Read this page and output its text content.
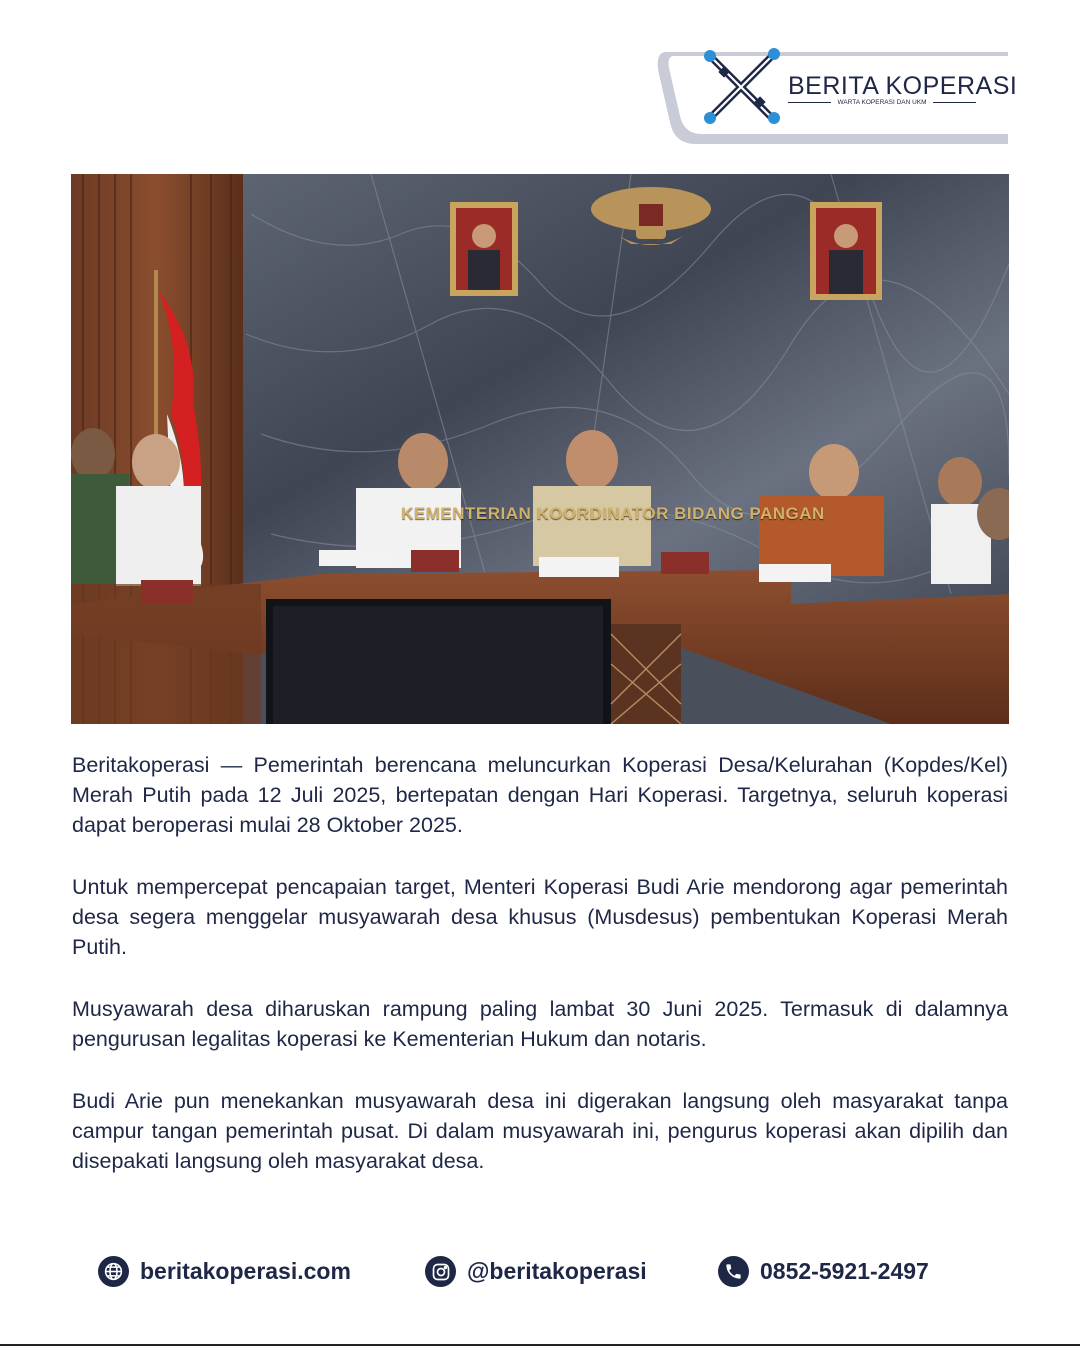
BERITA KOPERASI
WARTA KOPERASI DAN UKM
KEMENTERIAN KOORDINATOR BIDANG PANGAN

Beritakoperasi — Pemerintah berencana meluncurkan Koperasi Desa/Kelurahan (Kopdes/Kel) Merah Putih pada 12 Juli 2025, bertepatan dengan Hari Koperasi. Targetnya, seluruh koperasi dapat beroperasi mulai 28 Oktober 2025.

Untuk mempercepat pencapaian target, Menteri Koperasi Budi Arie mendorong agar pemerintah desa segera menggelar musyawarah desa khusus (Musdesus) pembentukan Koperasi Merah Putih.

Musyawarah desa diharuskan rampung paling lambat 30 Juni 2025. Termasuk di dalamnya pengurusan legalitas koperasi ke Kementerian Hukum dan notaris.

Budi Arie pun menekankan musyawarah desa ini digerakan langsung oleh masyarakat tanpa campur tangan pemerintah pusat. Di dalam musyawarah ini, pengurus koperasi akan dipilih dan disepakati langsung oleh masyarakat desa.

beritakoperasi.com	@beritakoperasi	0852-5921-2497
